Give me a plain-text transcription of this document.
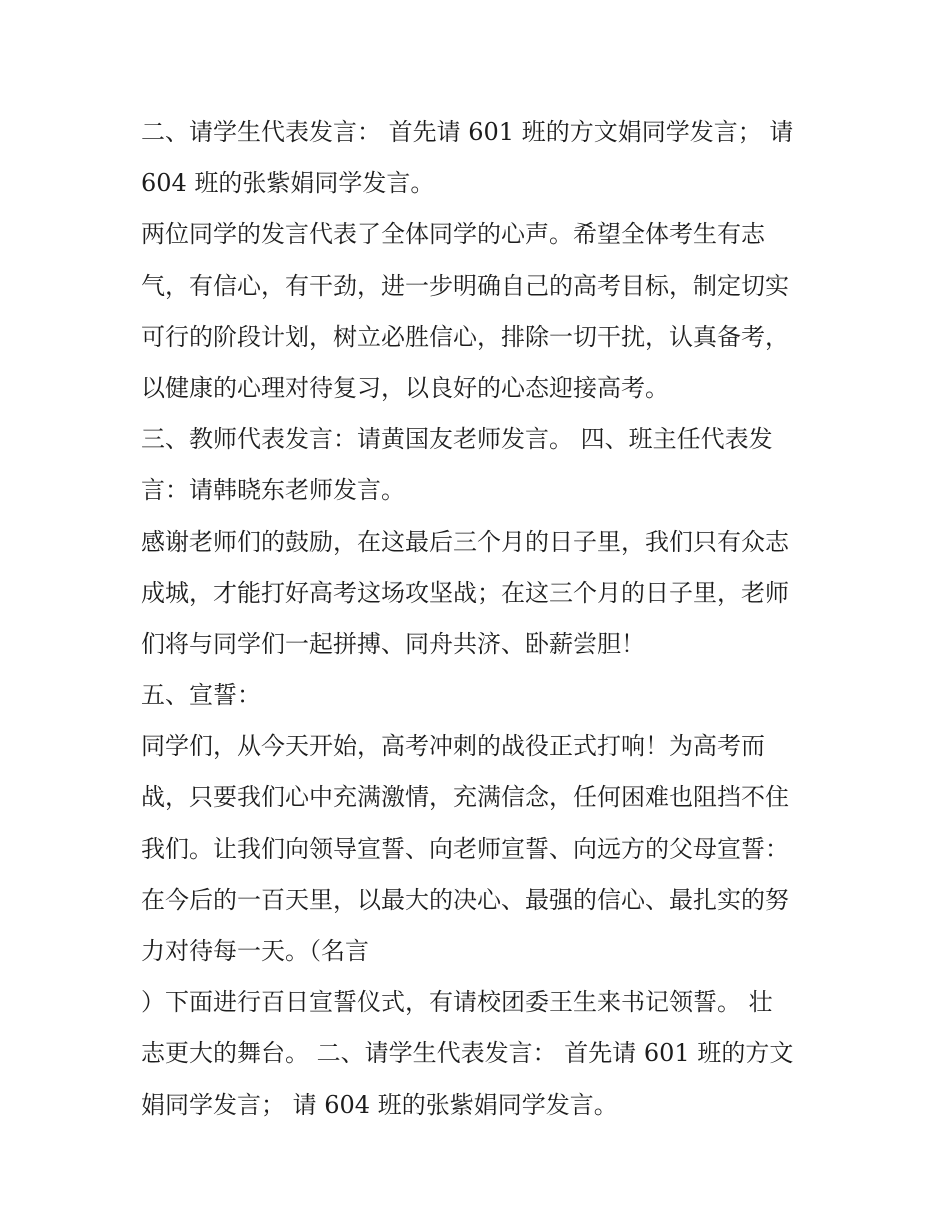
二、请学生代表发言： 首先请 601 班的方文娟同学发言； 请
604 班的张紫娟同学发言。
两位同学的发言代表了全体同学的心声。希望全体考生有志
气，有信心，有干劲，进一步明确自己的高考目标，制定切实
可行的阶段计划，树立必胜信心，排除一切干扰，认真备考，
以健康的心理对待复习，以良好的心态迎接高考。
三、教师代表发言：请黄国友老师发言。 四、班主任代表发
言：请韩晓东老师发言。
感谢老师们的鼓励，在这最后三个月的日子里，我们只有众志
成城，才能打好高考这场攻坚战；在这三个月的日子里，老师
们将与同学们一起拼搏、同舟共济、卧薪尝胆！
五、宣誓：
同学们，从今天开始，高考冲刺的战役正式打响！为高考而
战，只要我们心中充满激情，充满信念，任何困难也阻挡不住
我们。让我们向领导宣誓、向老师宣誓、向远方的父母宣誓：
在今后的一百天里，以最大的决心、最强的信心、最扎实的努
力对待每一天。（名言
）下面进行百日宣誓仪式，有请校团委王生来书记领誓。 壮
志更大的舞台。 二、请学生代表发言： 首先请 601 班的方文
娟同学发言； 请 604 班的张紫娟同学发言。
